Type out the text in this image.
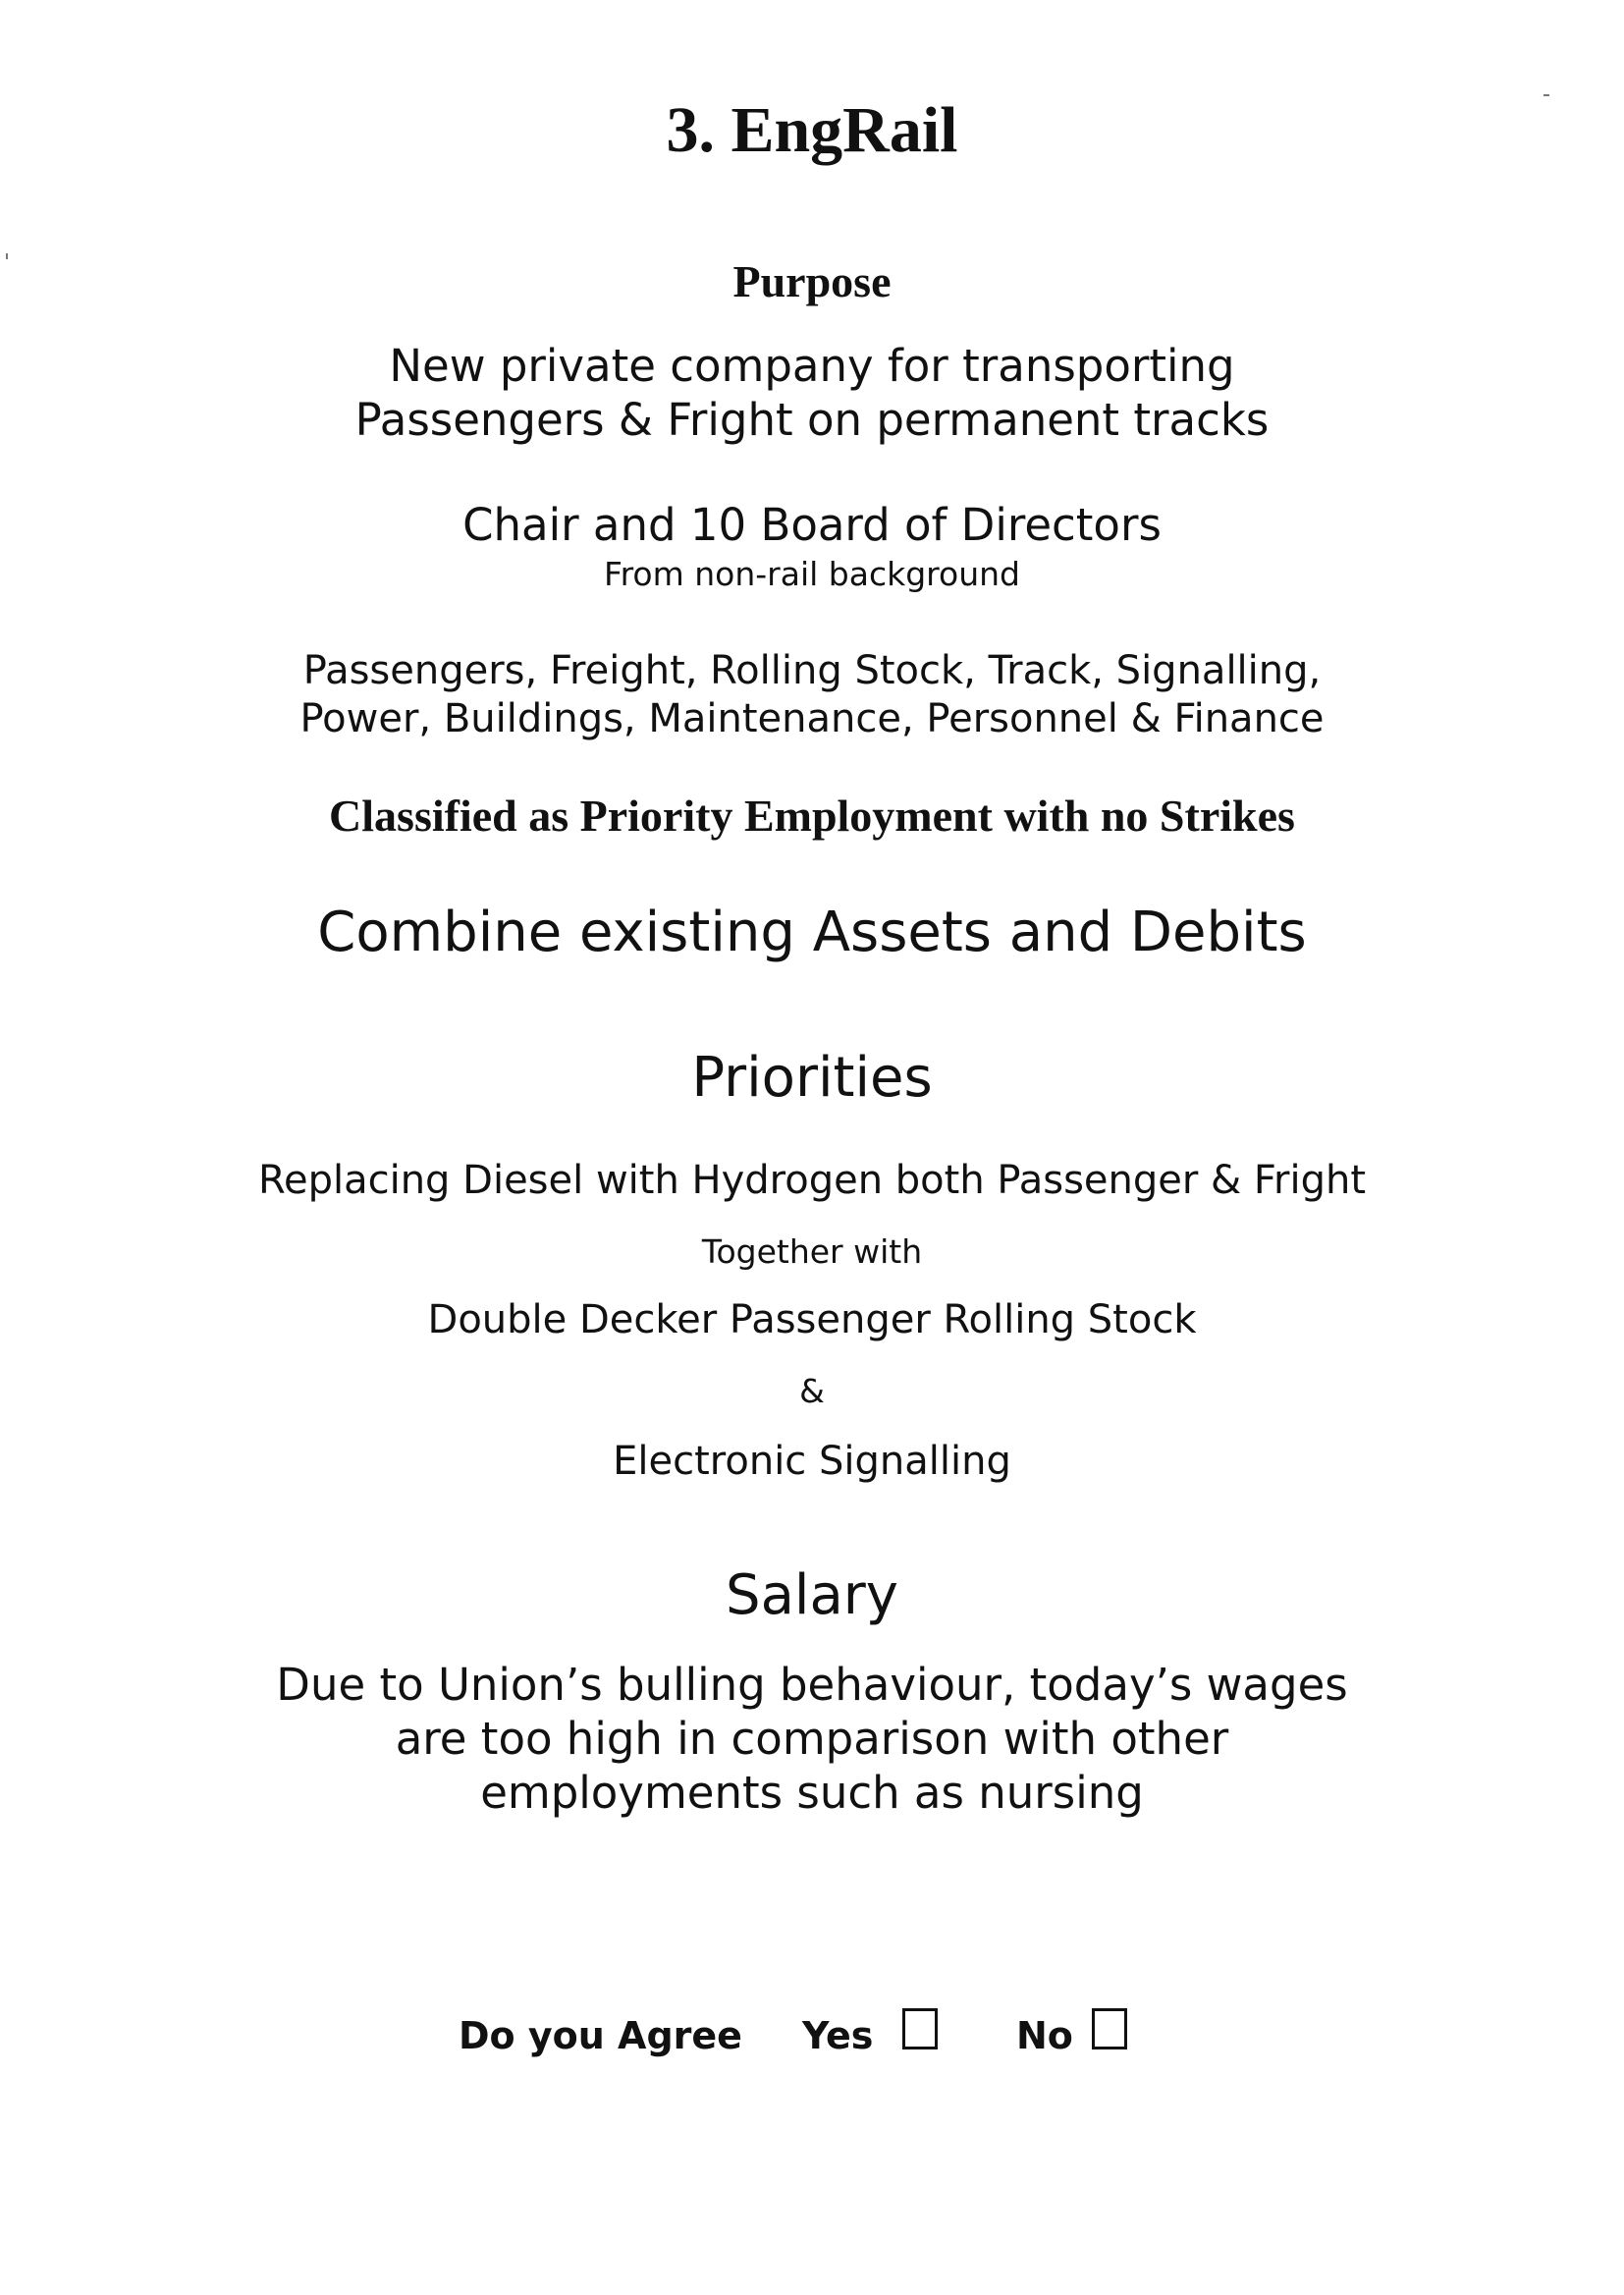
3. EngRail
Purpose
New private company for transporting
Passengers & Fright on permanent tracks
Chair and 10 Board of Directors
From non-rail background
Passengers, Freight, Rolling Stock, Track, Signalling,
Power, Buildings, Maintenance, Personnel & Finance
Classified as Priority Employment with no Strikes
Combine existing Assets and Debits
Priorities
Replacing Diesel with Hydrogen both Passenger & Fright
Together with
Double Decker Passenger Rolling Stock
&
Electronic Signalling
Salary
Due to Union’s bulling behaviour, today’s wages
are too high in comparison with other
employments such as nursing
Do you Agree Yes	No
